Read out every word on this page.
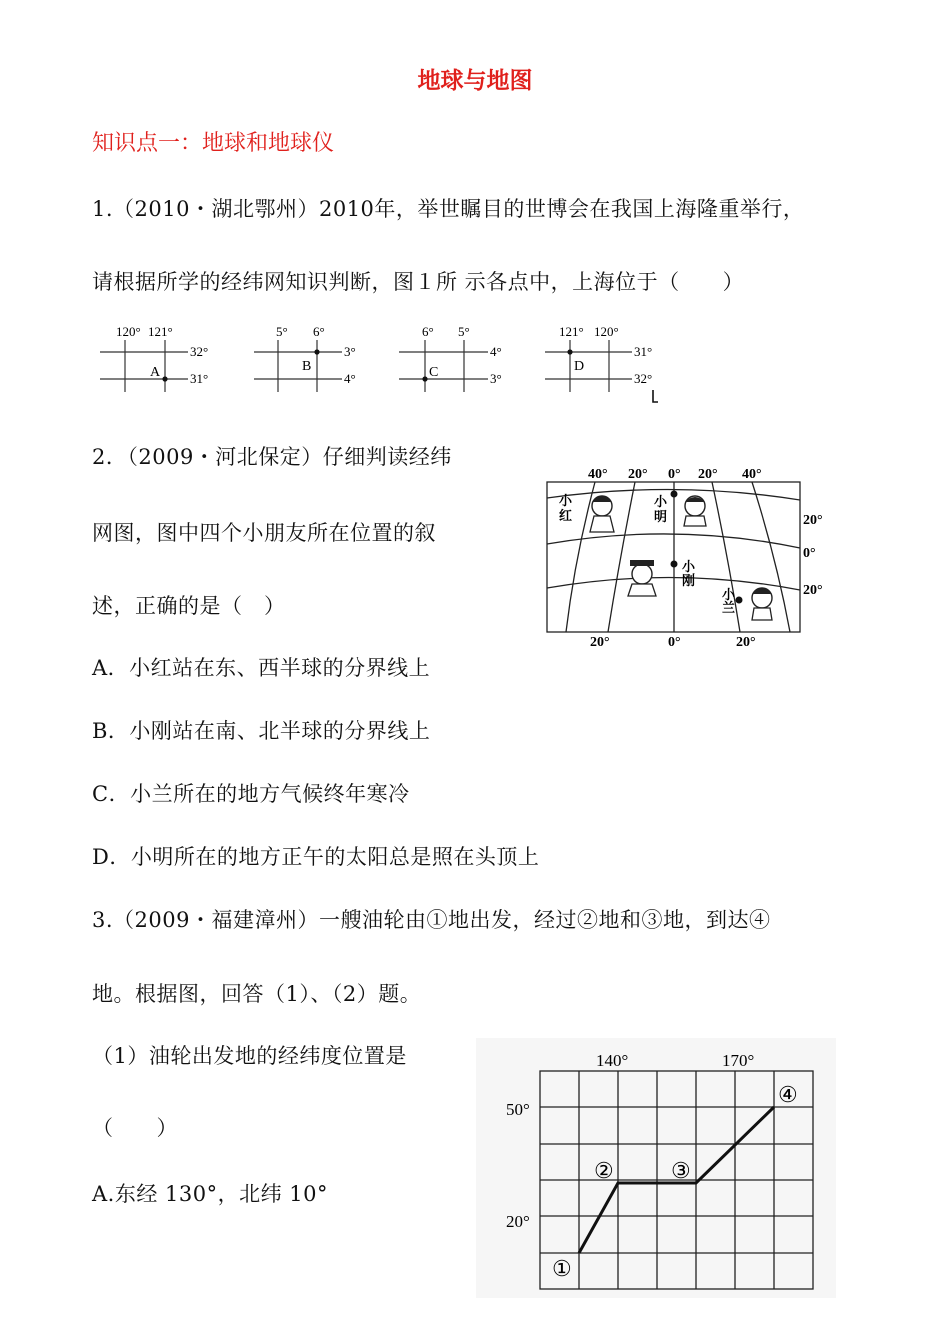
地球与地图
知识点一：地球和地球仪
1.（2010・湖北鄂州）2010年，举世瞩目的世博会在我国上海隆重举行，
请根据所学的经纬网知识判断，图１所 示各点中，上海位于（　　）
120° 121°
32°
31°
A
5° 6°
3°
4°
B
6° 5°
4°
3°
C
121° 120°
31°
32°
D
2．（2009・河北保定）仔细判读经纬
网图，图中四个小朋友所在位置的叙
述，正确的是（　）
A．小红站在东、西半球的分界线上
B．小刚站在南、北半球的分界线上
C．小兰所在的地方气候终年寒冷
D．小明所在的地方正午的太阳总是照在头顶上
40° 20° 0° 20° 40°
20°
0°
20°
20°	0°	20°
小
红
小
明
小
刚
小
兰
3.（2009・福建漳州）一艘油轮由①地出发，经过②地和③地，到达④
地。根据图，回答（1）、（2）题。
（1）油轮出发地的经纬度位置是
（　　）
A.东经 130°，北纬 10°
140°	170°
50°
20°
①
②	③
④
